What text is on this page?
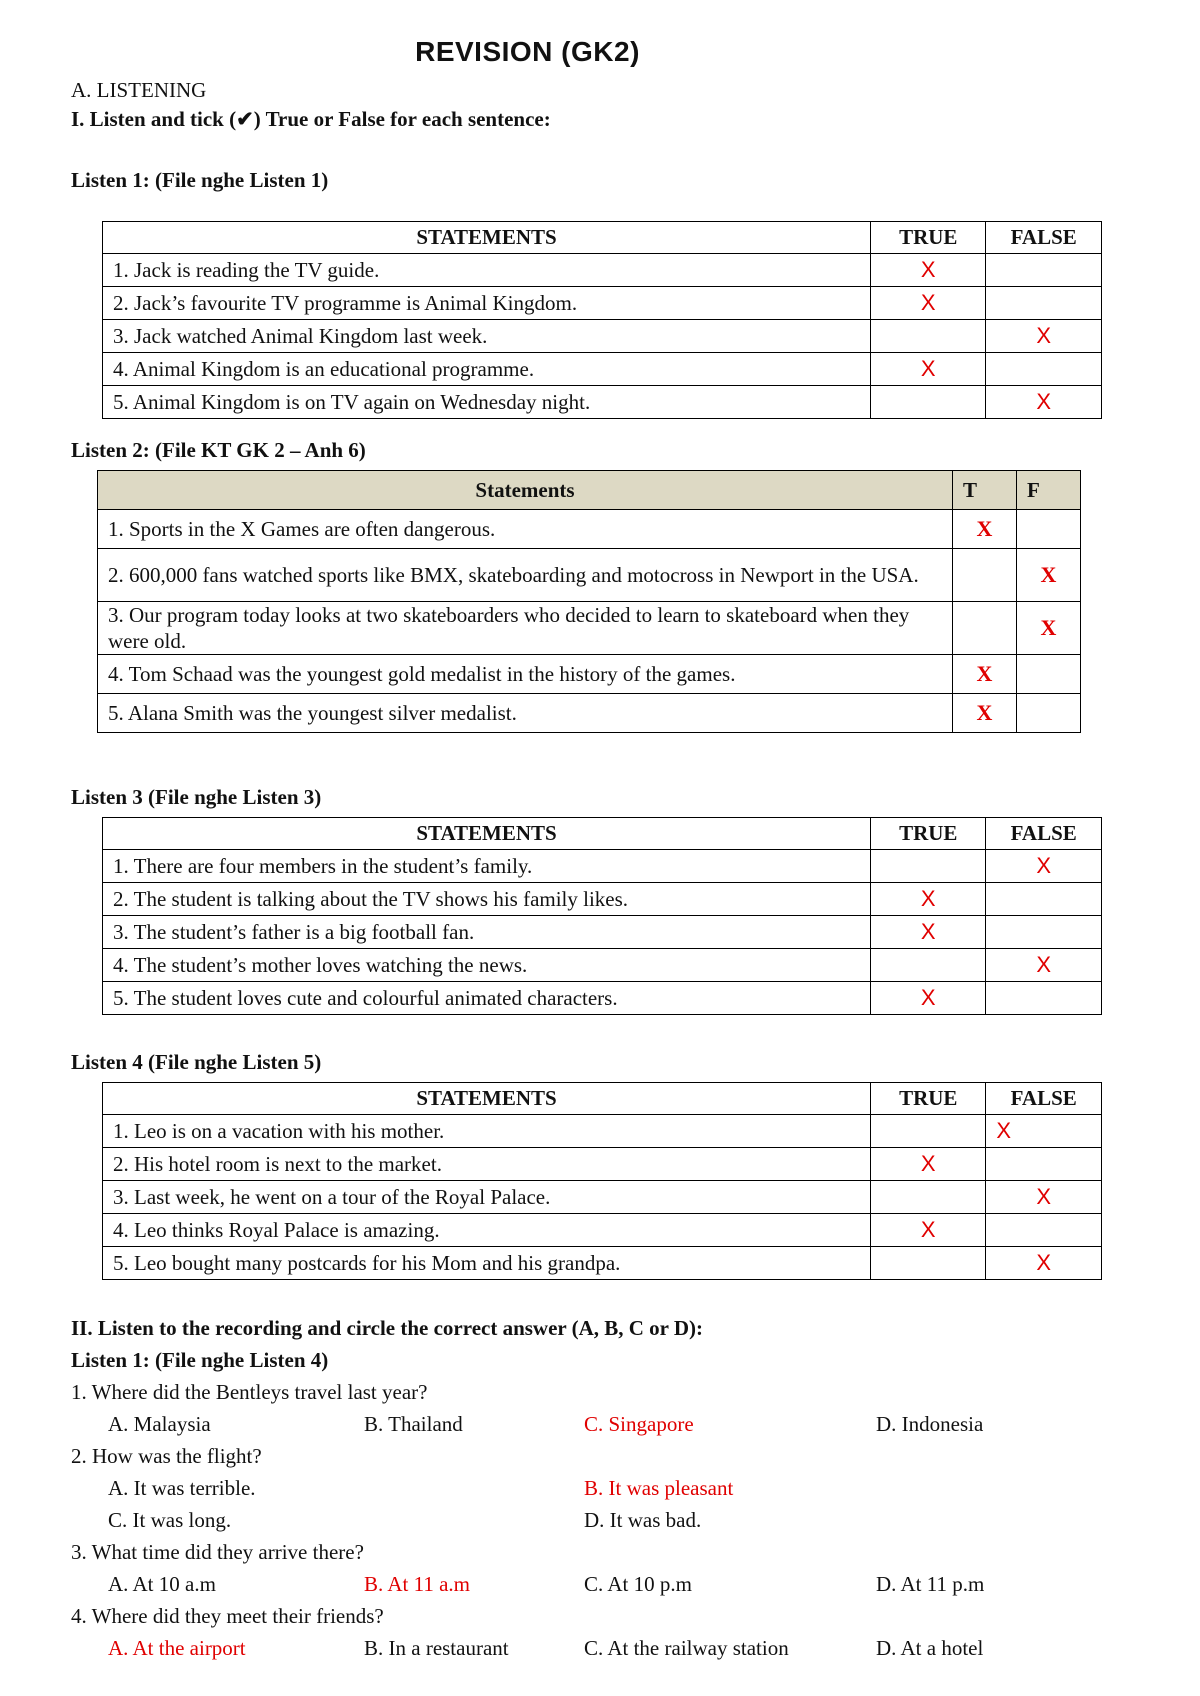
REVISION (GK2)
A. LISTENING
I. Listen and tick (✔) True or False for each sentence:
Listen 1: (File nghe Listen 1)
STATEMENTS	TRUE	FALSE
1. Jack is reading the TV guide.	X	
2. Jack’s favourite TV programme is Animal Kingdom.	X	
3. Jack watched Animal Kingdom last week.		X
4. Animal Kingdom is an educational programme.	X	
5. Animal Kingdom is on TV again on Wednesday night.		X
Listen 2: (File KT GK 2 – Anh 6)
Statements	T	F
1. Sports in the X Games are often dangerous.	X	
2. 600,000 fans watched sports like BMX, skateboarding and motocross in Newport in the USA.		X
3. Our program today looks at two skateboarders who decided to learn to skateboard when they were old.		X
4. Tom Schaad was the youngest gold medalist in the history of the games.	X	
5. Alana Smith was the youngest silver medalist.	X	
Listen 3 (File nghe Listen 3)
STATEMENTS	TRUE	FALSE
1. There are four members in the student’s family.		X
2. The student is talking about the TV shows his family likes.	X	
3. The student’s father is a big football fan.	X	
4. The student’s mother loves watching the news.		X
5. The student loves cute and colourful animated characters.	X	
Listen 4 (File nghe Listen 5)
STATEMENTS	TRUE	FALSE
1. Leo is on a vacation with his mother.		X
2. His hotel room is next to the market.	X	
3. Last week, he went on a tour of the Royal Palace.		X
4. Leo thinks Royal Palace is amazing.	X	
5. Leo bought many postcards for his Mom and his grandpa.		X
II. Listen to the recording and circle the correct answer (A, B, C or D):
Listen 1: (File nghe Listen 4)
1. Where did the Bentleys travel last year?
A. Malaysia	B. Thailand	C. Singapore	D. Indonesia
2. How was the flight?
A. It was terrible.	B. It was pleasant
C. It was long.	D. It was bad.
3. What time did they arrive there?
A. At 10 a.m	B. At 11 a.m	C. At 10 p.m	D. At 11 p.m
4. Where did they meet their friends?
A. At the airport	B. In a restaurant	C. At the railway station	D. At a hotel
